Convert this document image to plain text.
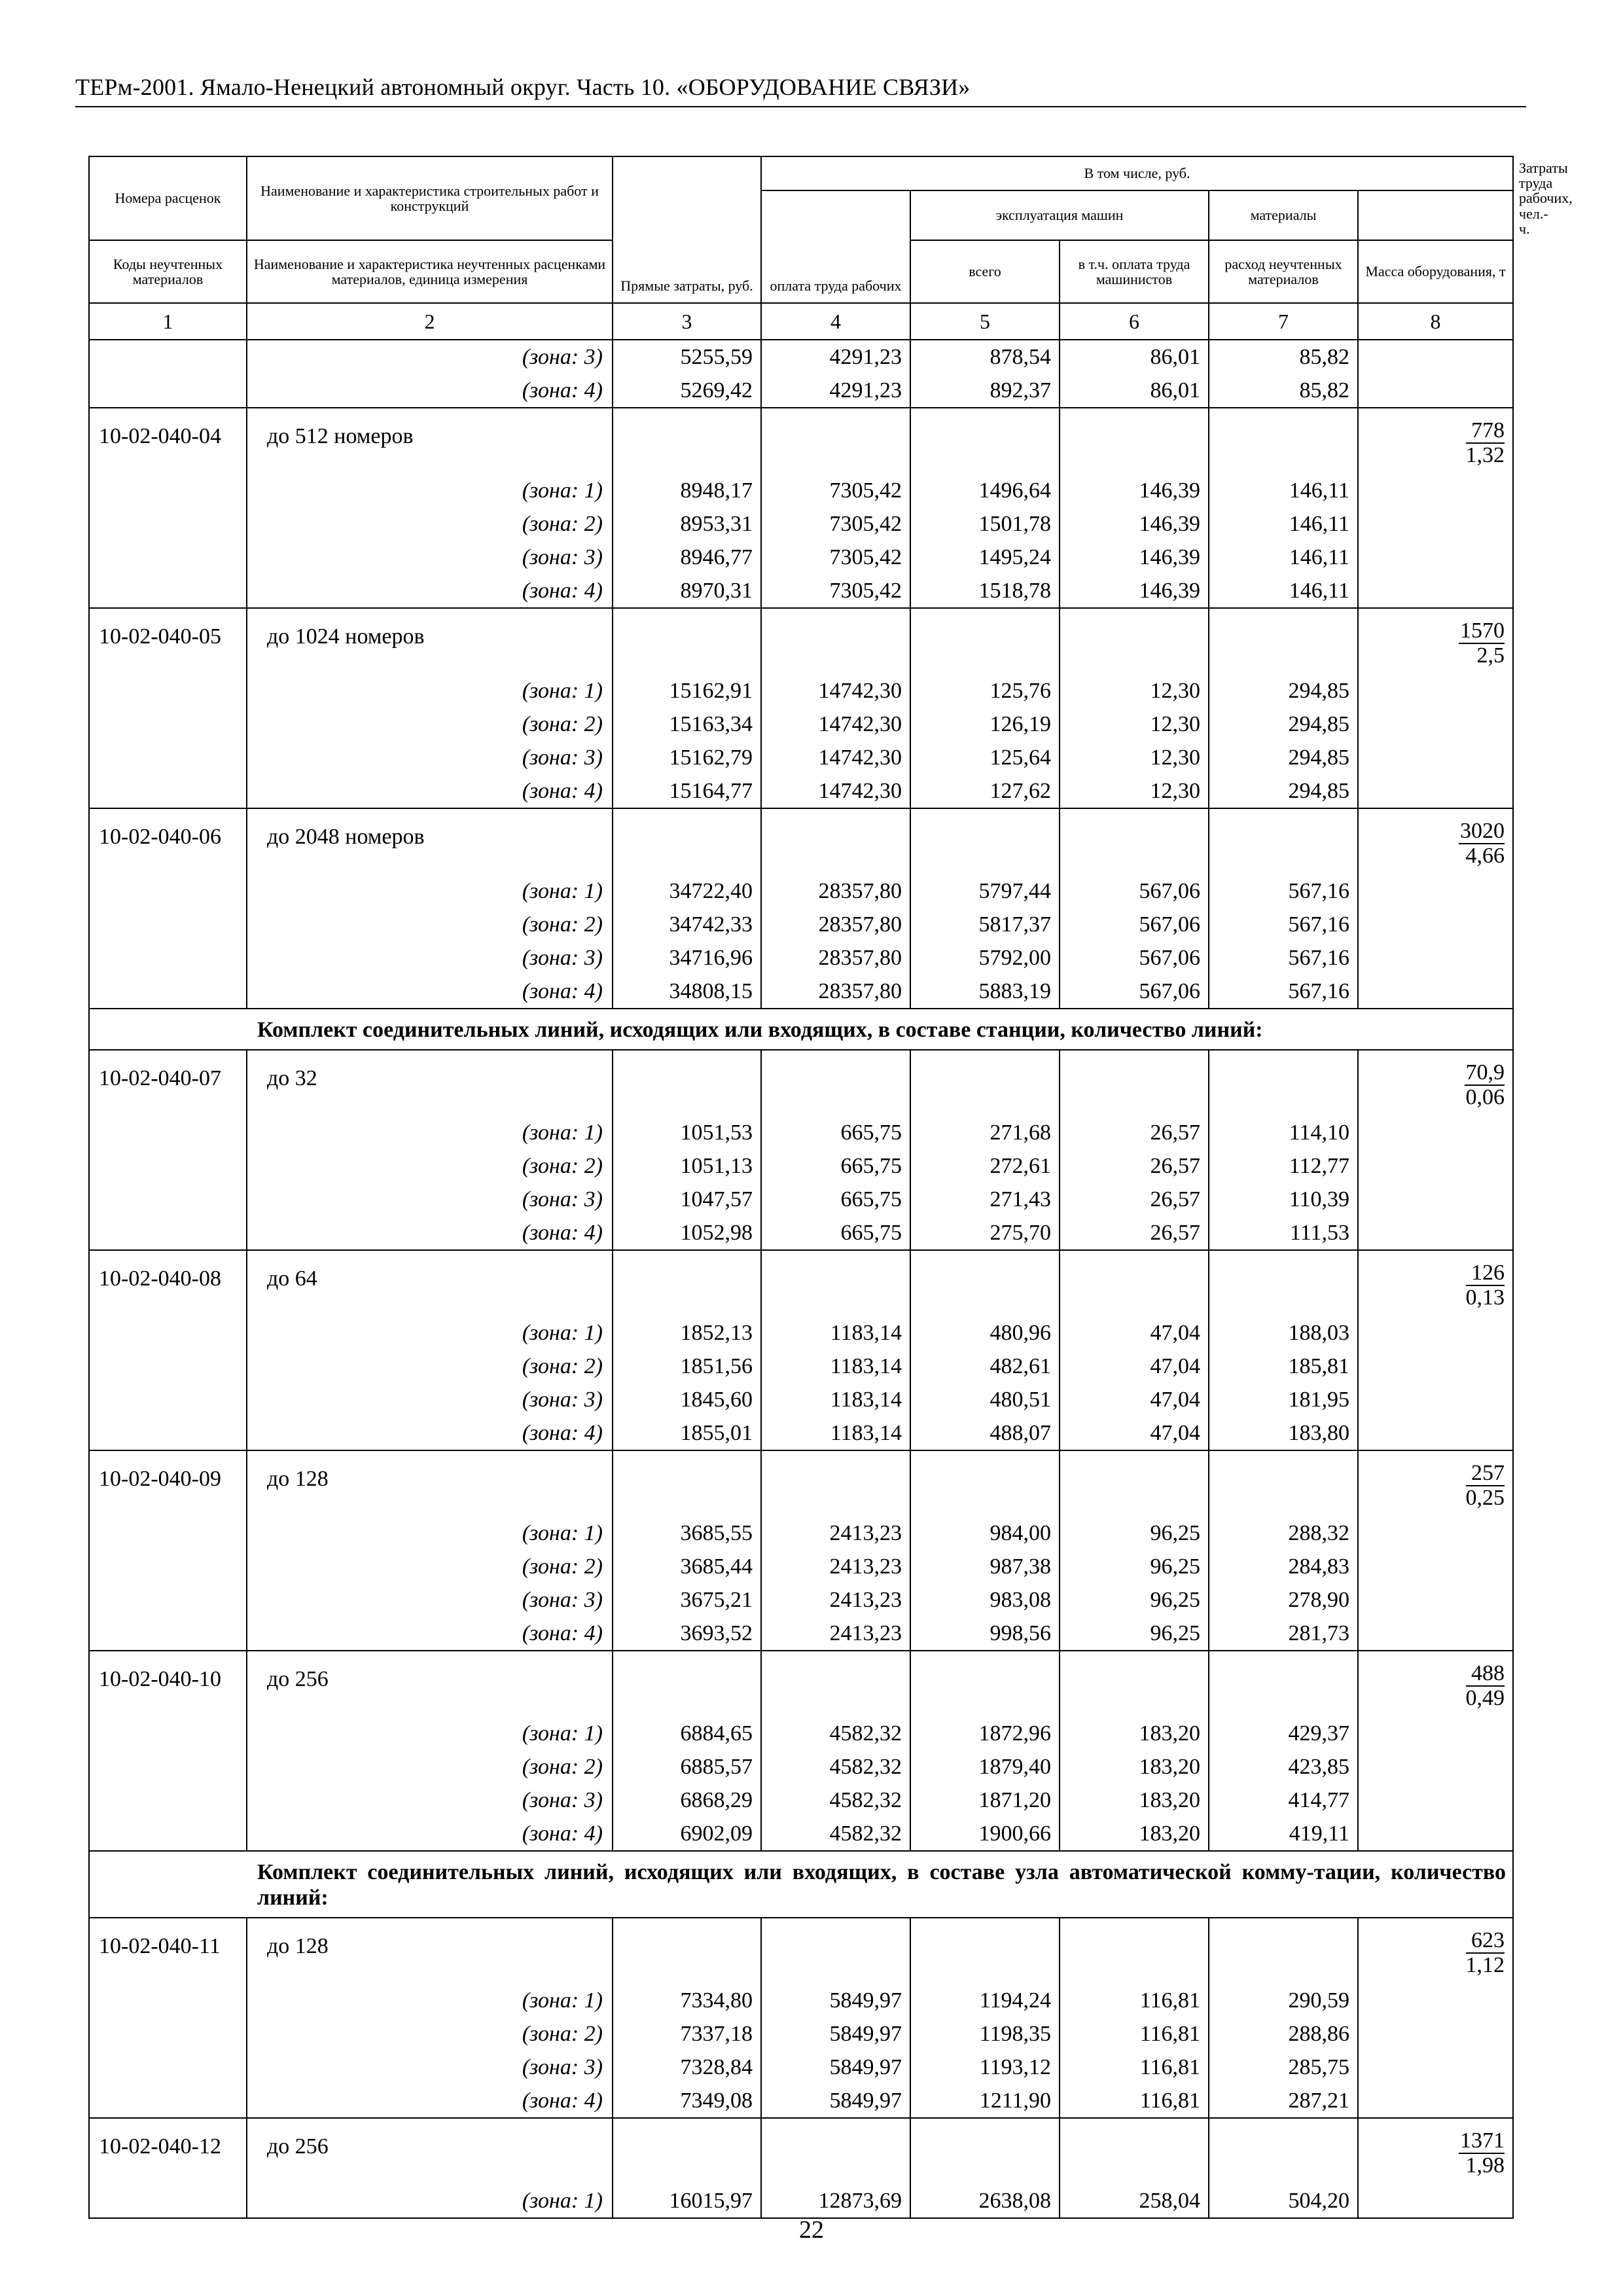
ТЕРм-2001. Ямало-Ненецкий автономный округ. Часть 10. «ОБОРУДОВАНИЕ СВЯЗИ»
Номера расценок	Наименование и характеристика строительных работ и конструкций	Прямые затраты, руб.	В том числе, руб.					Затраты труда рабочих, чел.-ч.
			оплата труда рабочих	эксплуатация машин		материалы		
Коды неучтенных материалов	Наименование и характеристика неучтенных расценками материалов, единица измерения			всего	в т.ч. оплата труда машинистов	расход неучтенных материалов	Масса оборудования, т	
1	2	3	4	5	6	7	8	
	(зона: 3)	5255,59	4291,23	878,54	86,01	85,82		
	(зона: 4)	5269,42	4291,23	892,37	86,01	85,82		
10-02-040-04	до 512 номеров						$\frac{778}{1,32}$

	(зона: 1)	8948,17	7305,42	1496,64	146,39	146,11		
	(зона: 2)	8953,31	7305,42	1501,78	146,39	146,11		
	(зона: 3)	8946,77	7305,42	1495,24	146,39	146,11		
	(зона: 4)	8970,31	7305,42	1518,78	146,39	146,11		
10-02-040-05	до 1024 номеров						$\frac{1570}{2,5}$

	(зона: 1)	15162,91	14742,30	125,76	12,30	294,85		
	(зона: 2)	15163,34	14742,30	126,19	12,30	294,85		
	(зона: 3)	15162,79	14742,30	125,64	12,30	294,85		
	(зона: 4)	15164,77	14742,30	127,62	12,30	294,85		
10-02-040-06	до 2048 номеров						$\frac{3020}{4,66}$

	(зона: 1)	34722,40	28357,80	5797,44	567,06	567,16		
	(зона: 2)	34742,33	28357,80	5817,37	567,06	567,16		
	(зона: 3)	34716,96	28357,80	5792,00	567,06	567,16		
	(зона: 4)	34808,15	28357,80	5883,19	567,06	567,16		
Комплект соединительных линий, исходящих или входящих, в составе станции, количество линий:								
10-02-040-07	до 32						$\frac{70,9}{0,06}$

	(зона: 1)	1051,53	665,75	271,68	26,57	114,10		
	(зона: 2)	1051,13	665,75	272,61	26,57	112,77		
	(зона: 3)	1047,57	665,75	271,43	26,57	110,39		
	(зона: 4)	1052,98	665,75	275,70	26,57	111,53		
10-02-040-08	до 64						$\frac{126}{0,13}$

	(зона: 1)	1852,13	1183,14	480,96	47,04	188,03		
	(зона: 2)	1851,56	1183,14	482,61	47,04	185,81		
	(зона: 3)	1845,60	1183,14	480,51	47,04	181,95		
	(зона: 4)	1855,01	1183,14	488,07	47,04	183,80		
10-02-040-09	до 128						$\frac{257}{0,25}$

	(зона: 1)	3685,55	2413,23	984,00	96,25	288,32		
	(зона: 2)	3685,44	2413,23	987,38	96,25	284,83		
	(зона: 3)	3675,21	2413,23	983,08	96,25	278,90		
	(зона: 4)	3693,52	2413,23	998,56	96,25	281,73		
10-02-040-10	до 256						$\frac{488}{0,49}$

	(зона: 1)	6884,65	4582,32	1872,96	183,20	429,37		
	(зона: 2)	6885,57	4582,32	1879,40	183,20	423,85		
	(зона: 3)	6868,29	4582,32	1871,20	183,20	414,77		
	(зона: 4)	6902,09	4582,32	1900,66	183,20	419,11		
Комплект соединительных линий, исходящих или входящих, в составе узла автоматической комму-тации, количество линий:								
10-02-040-11	до 128						$\frac{623}{1,12}$

	(зона: 1)	7334,80	5849,97	1194,24	116,81	290,59		
	(зона: 2)	7337,18	5849,97	1198,35	116,81	288,86		
	(зона: 3)	7328,84	5849,97	1193,12	116,81	285,75		
	(зона: 4)	7349,08	5849,97	1211,90	116,81	287,21		
10-02-040-12	до 256						$\frac{1371}{1,98}$

	(зона: 1)	16015,97	12873,69	2638,08	258,04	504,20		
22
